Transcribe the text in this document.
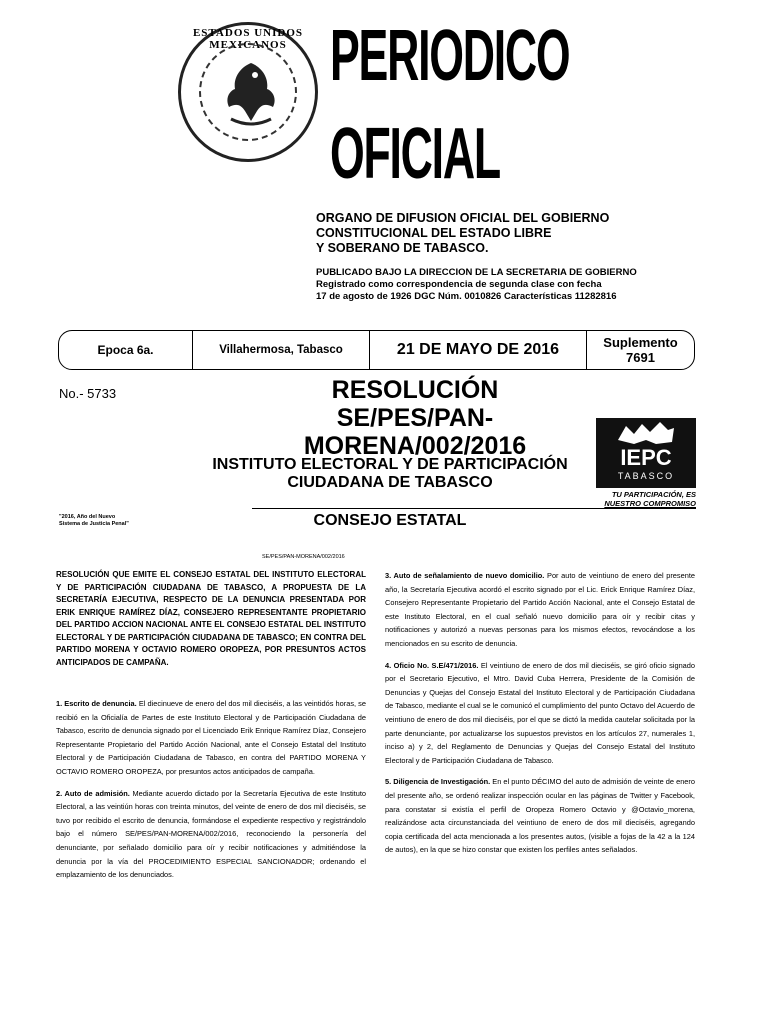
ESTADOS UNIDOS MEXICANOS PERIODICO
OFICIAL
ORGANO DE DIFUSION OFICIAL DEL GOBIERNO
CONSTITUCIONAL DEL ESTADO LIBRE
Y SOBERANO DE TABASCO.
PUBLICADO BAJO LA DIRECCION DE LA SECRETARIA DE GOBIERNO
Registrado como correspondencia de segunda clase con fecha
17 de agosto de 1926 DGC Núm. 0010826 Características 11282816
Epoca 6a.	Villahermosa, Tabasco	21 DE MAYO DE 2016	Suplemento
7691
No.- 5733	RESOLUCIÓN
SE/PES/PAN-MORENA/002/2016
INSTITUTO ELECTORAL Y DE PARTICIPACIÓN
CIUDADANA DE TABASCO
IEPC
TABASCO
TU PARTICIPACIÓN, ES
NUESTRO COMPROMISO
CONSEJO ESTATAL
"2016, Año del Nuevo
Sistema de Justicia Penal"
SE/PES/PAN-MORENA/002/2016

RESOLUCIÓN QUE EMITE EL CONSEJO ESTATAL DEL INSTITUTO ELECTORAL Y DE PARTICIPACIÓN CIUDADANA DE TABASCO, A PROPUESTA DE LA SECRETARÍA EJECUTIVA, RESPECTO DE LA DENUNCIA PRESENTADA POR ERIK ENRIQUE RAMÍREZ DÍAZ, CONSEJERO REPRESENTANTE PROPIETARIO DEL PARTIDO ACCION NACIONAL ANTE EL CONSEJO ESTATAL DEL INSTITUTO ELECTORAL Y DE PARTICIPACIÓN CIUDADANA DE TABASCO; EN CONTRA DEL PARTIDO MORENA Y OCTAVIO ROMERO OROPEZA, POR PRESUNTOS ACTOS ANTICIPADOS DE CAMPAÑA.

1. Escrito de denuncia. El diecinueve de enero del dos mil dieciséis, a las veintidós horas, se recibió en la Oficialía de Partes de este Instituto Electoral y de Participación Ciudadana de Tabasco, escrito de denuncia signado por el Licenciado Erik Enrique Ramírez Díaz, Consejero Representante Propietario del Partido Acción Nacional, ante el Consejo Estatal del Instituto Electoral y de Participación Ciudadana de Tabasco, en contra del PARTIDO MORENA Y OCTAVIO ROMERO OROPEZA, por presuntos actos anticipados de campaña.

2. Auto de admisión. Mediante acuerdo dictado por la Secretaría Ejecutiva de este Instituto Electoral, a las veintiún horas con treinta minutos, del veinte de enero de dos mil dieciséis, se tuvo por recibido el escrito de denuncia, formándose el expediente respectivo y registrándolo bajo el número SE/PES/PAN-MORENA/002/2016, reconociendo la personería del denunciante, por señalado domicilio para oír y recibir notificaciones y admitiéndose la denuncia por la vía del PROCEDIMIENTO ESPECIAL SANCIONADOR; ordenando el emplazamiento de los denunciados.

3. Auto de señalamiento de nuevo domicilio. Por auto de veintiuno de enero del presente año, la Secretaría Ejecutiva acordó el escrito signado por el Lic. Erick Enrique Ramírez Díaz, Consejero Representante Propietario del Partido Acción Nacional, ante el Consejo Estatal de este Instituto Electoral, en el cual señaló nuevo domicilio para oír y recibir citas y notificaciones y autorizó a nuevas personas para los mismos efectos, revocándose a los mencionados en su escrito de denuncia.

4. Oficio No. S.E/471/2016. El veintiuno de enero de dos mil dieciséis, se giró oficio signado por el Secretario Ejecutivo, el Mtro. David Cuba Herrera, Presidente de la Comisión de Denuncias y Quejas del Consejo Estatal del Instituto Electoral y de Participación Ciudadana de Tabasco, mediante el cual se le comunicó el cumplimiento del punto Octavo del Acuerdo de veintiuno de enero de dos mil dieciséis, por el que se dictó la medida cautelar solicitada por la parte denunciante, por actualizarse los supuestos previstos en los artículos 27, numerales 1, inciso a) y 2, del Reglamento de Denuncias y Quejas del Consejo Estatal del Instituto Electoral y de Participación Ciudadana de Tabasco.

5. Diligencia de Investigación. En el punto DÉCIMO del auto de admisión de veinte de enero del presente año, se ordenó realizar inspección ocular en las páginas de Twitter y Facebook, para constatar si existía el perfil de Oropeza Romero Octavio y @Octavio_morena, realizándose acta circunstanciada del veintiuno de enero de dos mil dieciséis, agregando copia certificada del acta mencionada a los presentes autos, (visible a fojas de la 42 a la 124 de autos), en la que se hizo constar que existen los perfiles antes señalados.
